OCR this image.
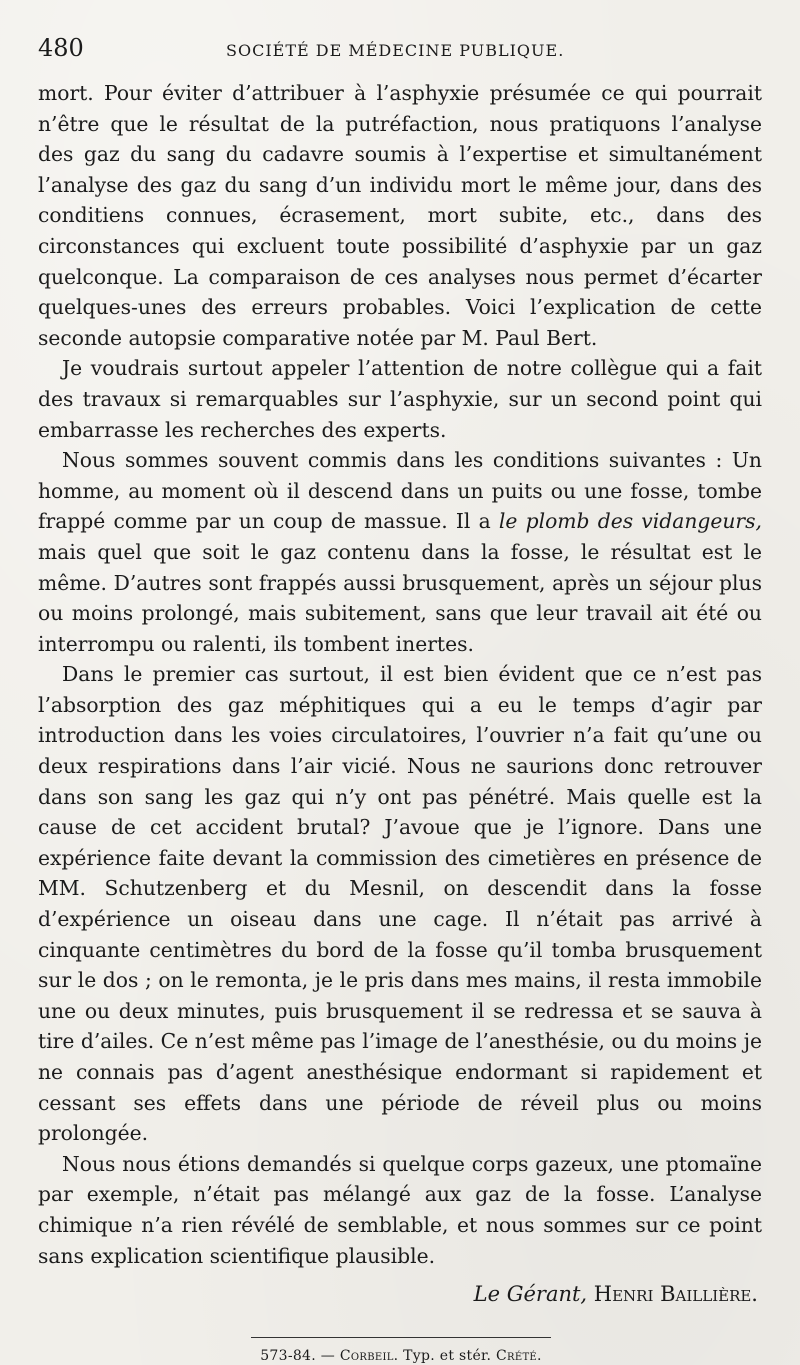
480	SOCIÉTÉ DE MÉDECINE PUBLIQUE.

mort. Pour éviter d’attribuer à l’asphyxie présumée ce qui pourrait n’être que le résultat de la putréfaction, nous pratiquons l’analyse des gaz du sang du cadavre soumis à l’expertise et simultanément l’analyse des gaz du sang d’un individu mort le même jour, dans des conditiens connues, écrasement, mort subite, etc., dans des circonstances qui excluent toute possibilité d’asphyxie par un gaz quelconque. La comparaison de ces analyses nous permet d’écarter quelques-unes des erreurs probables. Voici l’explication de cette seconde autopsie comparative notée par M. Paul Bert.

Je voudrais surtout appeler l’attention de notre collègue qui a fait des travaux si remarquables sur l’asphyxie, sur un second point qui embarrasse les recherches des experts.

Nous sommes souvent commis dans les conditions suivantes : Un homme, au moment où il descend dans un puits ou une fosse, tombe frappé comme par un coup de massue. Il a le plomb des vidangeurs, mais quel que soit le gaz contenu dans la fosse, le résultat est le même. D’autres sont frappés aussi brusquement, après un séjour plus ou moins prolongé, mais subitement, sans que leur travail ait été ou interrompu ou ralenti, ils tombent inertes.

Dans le premier cas surtout, il est bien évident que ce n’est pas l’absorption des gaz méphitiques qui a eu le temps d’agir par introduction dans les voies circulatoires, l’ouvrier n’a fait qu’une ou deux respirations dans l’air vicié. Nous ne saurions donc retrouver dans son sang les gaz qui n’y ont pas pénétré. Mais quelle est la cause de cet accident brutal? J’avoue que je l’ignore. Dans une expérience faite devant la commission des cimetières en présence de MM. Schutzenberg et du Mesnil, on descendit dans la fosse d’expérience un oiseau dans une cage. Il n’était pas arrivé à cinquante centimètres du bord de la fosse qu’il tomba brusquement sur le dos ; on le remonta, je le pris dans mes mains, il resta immobile une ou deux minutes, puis brusquement il se redressa et se sauva à tire d’ailes. Ce n’est même pas l’image de l’anesthésie, ou du moins je ne connais pas d’agent anesthésique endormant si rapidement et cessant ses effets dans une période de réveil plus ou moins prolongée.

Nous nous étions demandés si quelque corps gazeux, une ptomaïne par exemple, n’était pas mélangé aux gaz de la fosse. L’analyse chimique n’a rien révélé de semblable, et nous sommes sur ce point sans explication scientifique plausible.

Le Gérant, Henri Baillière.
573-84. — Corbeil. Typ. et stér. Crété.
